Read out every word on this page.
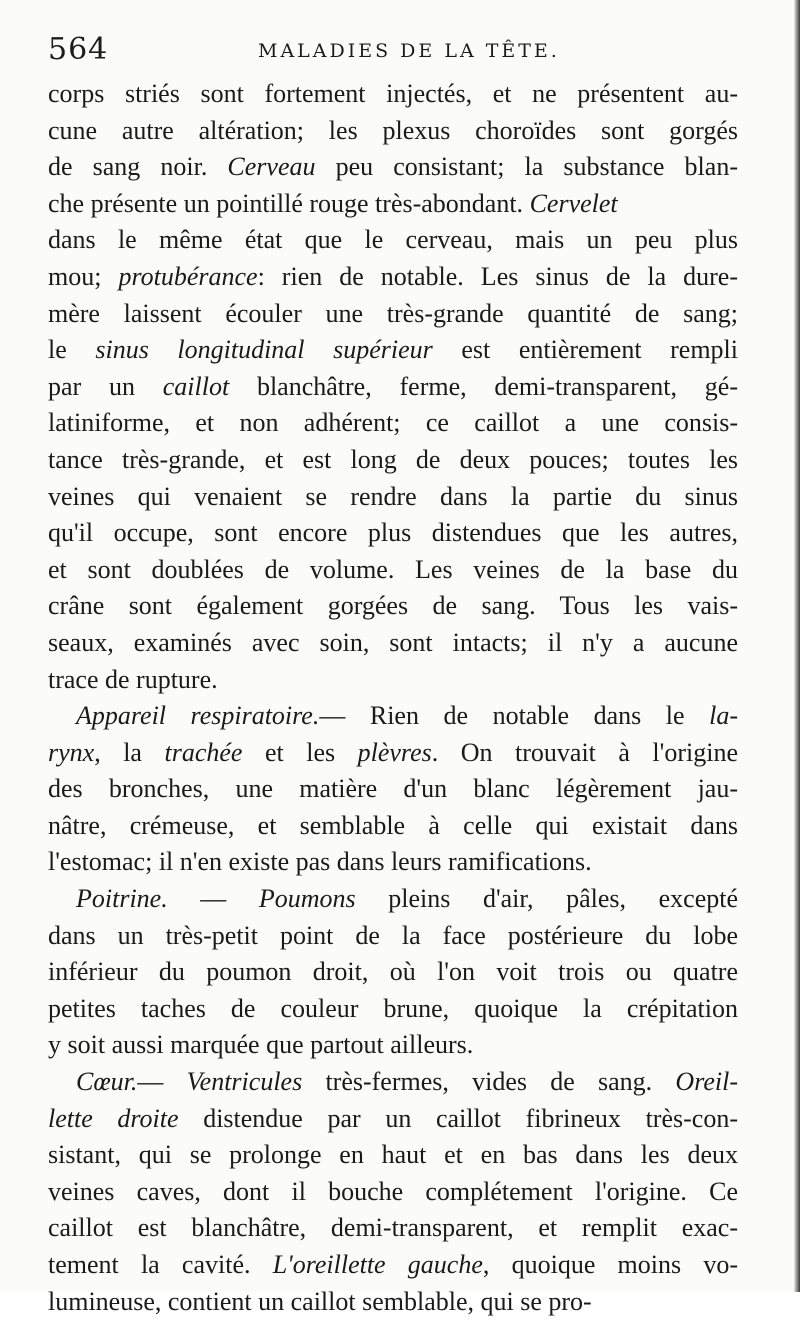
564	MALADIES DE LA TÊTE.
corps striés sont fortement injectés, et ne présentent au-
cune autre altération; les plexus choroïdes sont gorgés
de sang noir. Cerveau peu consistant; la substance blan-
che présente un pointillé rouge très-abondant. Cervelet
dans le même état que le cerveau, mais un peu plus
mou; protubérance: rien de notable. Les sinus de la dure-
mère laissent écouler une très-grande quantité de sang;
le sinus longitudinal supérieur est entièrement rempli
par un caillot blanchâtre, ferme, demi-transparent, gé-
latiniforme, et non adhérent; ce caillot a une consis-
tance très-grande, et est long de deux pouces; toutes les
veines qui venaient se rendre dans la partie du sinus
qu'il occupe, sont encore plus distendues que les autres,
et sont doublées de volume. Les veines de la base du
crâne sont également gorgées de sang. Tous les vais-
seaux, examinés avec soin, sont intacts; il n'y a aucune
trace de rupture.
Appareil respiratoire.— Rien de notable dans le la-
rynx, la trachée et les plèvres. On trouvait à l'origine
des bronches, une matière d'un blanc légèrement jau-
nâtre, crémeuse, et semblable à celle qui existait dans
l'estomac; il n'en existe pas dans leurs ramifications.
Poitrine. — Poumons pleins d'air, pâles, excepté
dans un très-petit point de la face postérieure du lobe
inférieur du poumon droit, où l'on voit trois ou quatre
petites taches de couleur brune, quoique la crépitation
y soit aussi marquée que partout ailleurs.
Cœur.— Ventricules très-fermes, vides de sang. Oreil-
lette droite distendue par un caillot fibrineux très-con-
sistant, qui se prolonge en haut et en bas dans les deux
veines caves, dont il bouche complétement l'origine. Ce
caillot est blanchâtre, demi-transparent, et remplit exac-
tement la cavité. L'oreillette gauche, quoique moins vo-
lumineuse, contient un caillot semblable, qui se pro-
